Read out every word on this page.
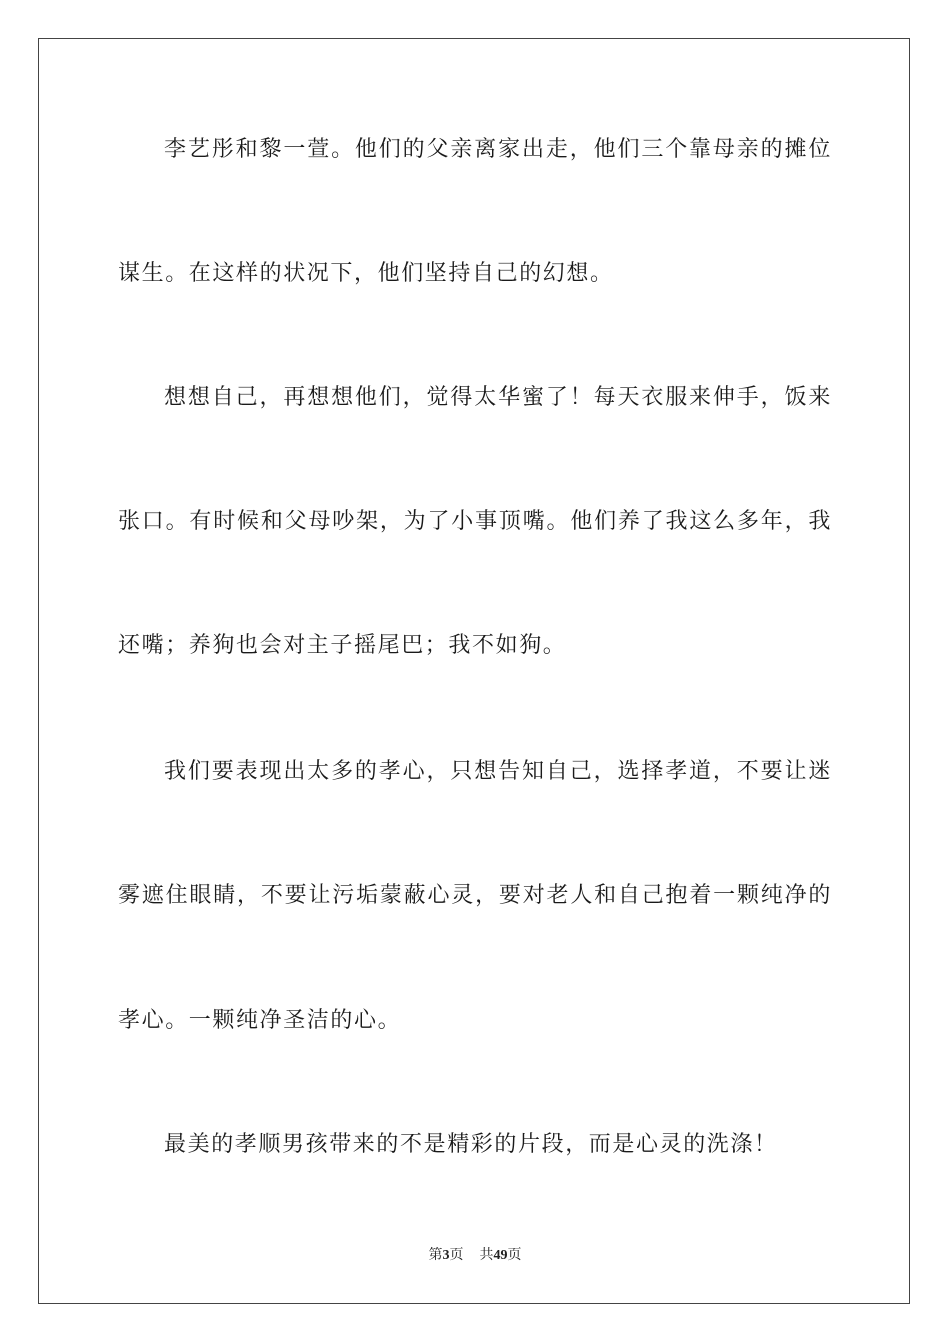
李艺彤和黎一萱。他们的父亲离家出走，他们三个靠母亲的摊位
谋生。在这样的状况下，他们坚持自己的幻想。
想想自己，再想想他们，觉得太华蜜了！每天衣服来伸手，饭来
张口。有时候和父母吵架，为了小事顶嘴。他们养了我这么多年，我
还嘴；养狗也会对主子摇尾巴；我不如狗。
我们要表现出太多的孝心，只想告知自己，选择孝道，不要让迷
雾遮住眼睛，不要让污垢蒙蔽心灵，要对老人和自己抱着一颗纯净的
孝心。一颗纯净圣洁的心。
最美的孝顺男孩带来的不是精彩的片段，而是心灵的洗涤！
第3页 共49页
